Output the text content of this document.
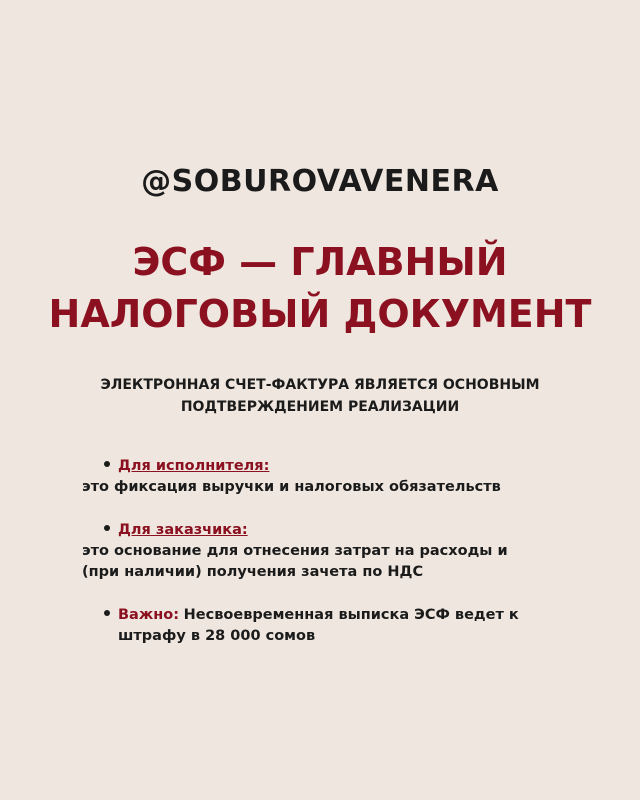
@SOBUROVAVENERA
ЭСФ — ГЛАВНЫЙ
НАЛОГОВЫЙ ДОКУМЕНТ
ЭЛЕКТРОННАЯ СЧЕТ-ФАКТУРА ЯВЛЯЕТСЯ ОСНОВНЫМ
ПОДТВЕРЖДЕНИЕМ РЕАЛИЗАЦИИ
Для исполнителя:
это фиксация выручки и налоговых обязательств
Для заказчика:
это основание для отнесения затрат на расходы и
(при наличии) получения зачета по НДС
Важно: Несвоевременная выписка ЭСФ ведет к
штрафу в 28 000 сомов
